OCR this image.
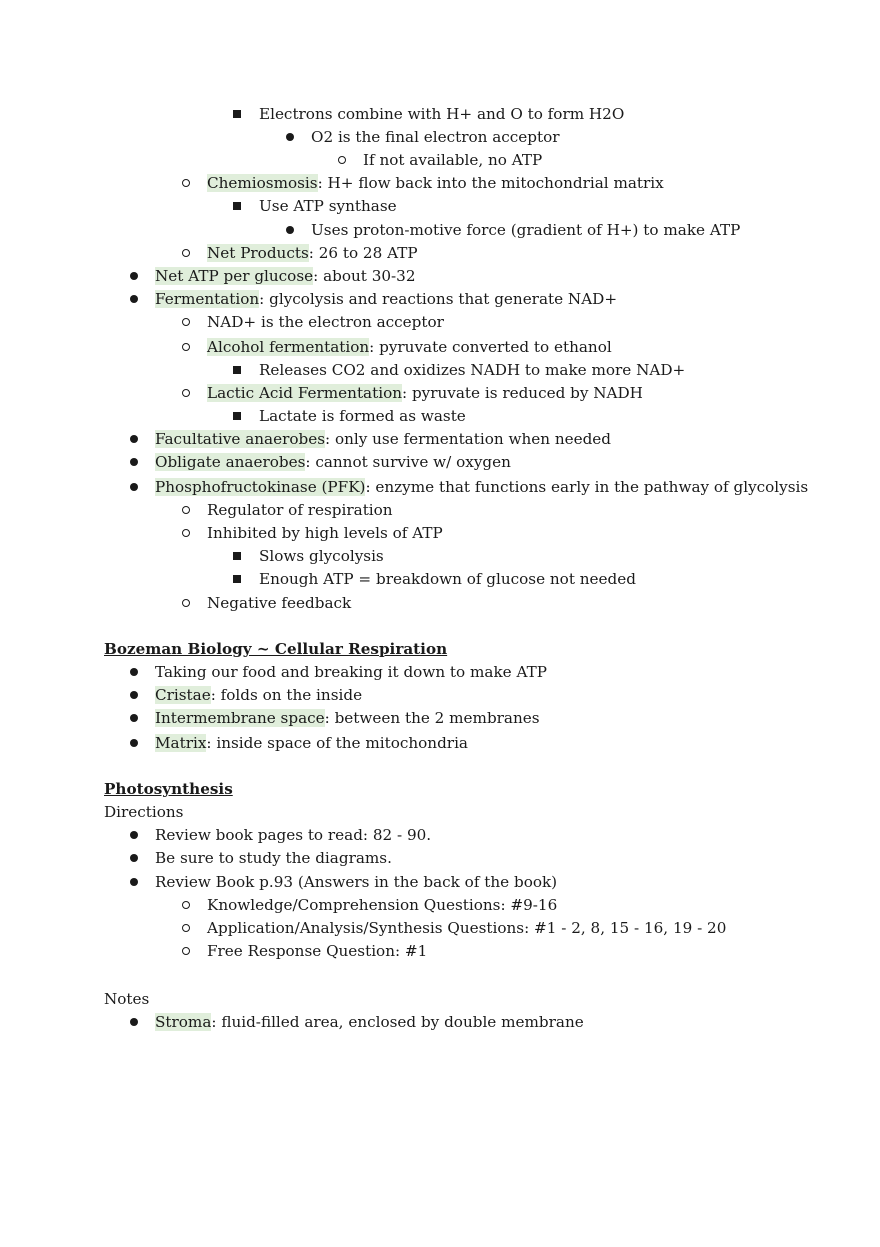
Electrons combine with H+ and O to form H2O
O2 is the final electron acceptor
If not available, no ATP
Chemiosmosis: H+ flow back into the mitochondrial matrix
Use ATP synthase
Uses proton-motive force (gradient of H+) to make ATP
Net Products: 26 to 28 ATP
Net ATP per glucose: about 30-32
Fermentation: glycolysis and reactions that generate NAD+
NAD+ is the electron acceptor
Alcohol fermentation: pyruvate converted to ethanol
Releases CO2 and oxidizes NADH to make more NAD+
Lactic Acid Fermentation: pyruvate is reduced by NADH
Lactate is formed as waste
Facultative anaerobes: only use fermentation when needed
Obligate anaerobes: cannot survive w/ oxygen
Phosphofructokinase (PFK): enzyme that functions early in the pathway of glycolysis
Regulator of respiration
Inhibited by high levels of ATP
Slows glycolysis
Enough ATP = breakdown of glucose not needed
Negative feedback
Bozeman Biology ~ Cellular Respiration
Taking our food and breaking it down to make ATP
Cristae: folds on the inside
Intermembrane space: between the 2 membranes
Matrix: inside space of the mitochondria
Photosynthesis
Directions
Review book pages to read: 82 - 90.
Be sure to study the diagrams.
Review Book p.93 (Answers in the back of the book)
Knowledge/Comprehension Questions: #9-16
Application/Analysis/Synthesis Questions: #1 - 2, 8, 15 - 16, 19 - 20
Free Response Question: #1
Notes
Stroma: fluid-filled area, enclosed by double membrane
